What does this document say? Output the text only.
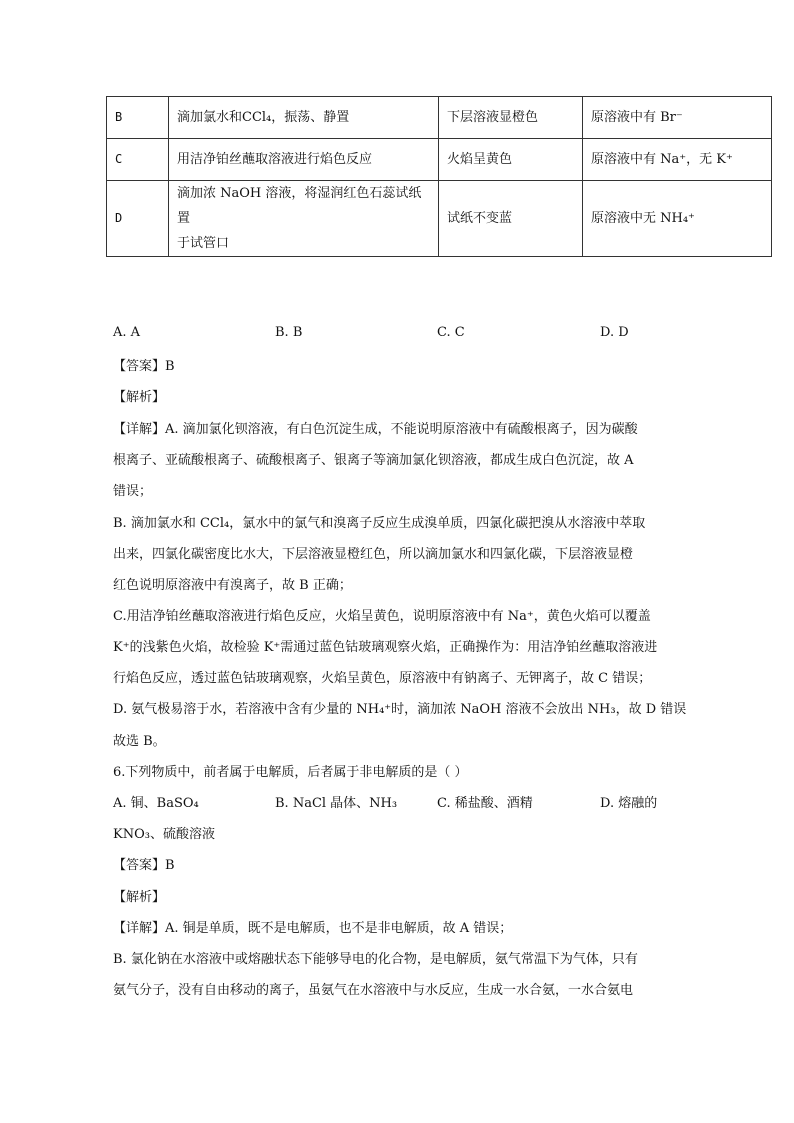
B	滴加氯水和CCl₄，振荡、静置	下层溶液显橙色	原溶液中有 Br⁻
C	用洁净铂丝蘸取溶液进行焰色反应	火焰呈黄色	原溶液中有 Na⁺，无 K⁺
D	滴加浓 NaOH 溶液，将湿润红色石蕊试纸置
于试管口	试纸不变蓝	原溶液中无 NH₄⁺
A. A	B. B	C. C	D. D
【答案】B
【解析】
【详解】A. 滴加氯化钡溶液，有白色沉淀生成，不能说明原溶液中有硫酸根离子，因为碳酸
根离子、亚硫酸根离子、硫酸根离子、银离子等滴加氯化钡溶液，都成生成白色沉淀，故 A
错误；
B. 滴加氯水和 CCl₄，氯水中的氯气和溴离子反应生成溴单质，四氯化碳把溴从水溶液中萃取
出来，四氯化碳密度比水大，下层溶液显橙红色，所以滴加氯水和四氯化碳，下层溶液显橙
红色说明原溶液中有溴离子，故 B 正确；
C.用洁净铂丝蘸取溶液进行焰色反应，火焰呈黄色，说明原溶液中有 Na⁺，黄色火焰可以覆盖
K⁺的浅紫色火焰，故检验 K⁺需通过蓝色钴玻璃观察火焰，正确操作为：用洁净铂丝蘸取溶液进
行焰色反应，透过蓝色钴玻璃观察，火焰呈黄色，原溶液中有钠离子、无钾离子，故 C 错误；
D. 氨气极易溶于水，若溶液中含有少量的 NH₄⁺时，滴加浓 NaOH 溶液不会放出 NH₃，故 D 错误
故选 B。
6.下列物质中，前者属于电解质，后者属于非电解质的是（ ）
A. 铜、BaSO₄	B. NaCl 晶体、NH₃	C. 稀盐酸、酒精	D. 熔融的
KNO₃、硫酸溶液
【答案】B
【解析】
【详解】A. 铜是单质，既不是电解质，也不是非电解质，故 A 错误；
B. 氯化钠在水溶液中或熔融状态下能够导电的化合物，是电解质，氨气常温下为气体，只有
氨气分子，没有自由移动的离子，虽氨气在水溶液中与水反应，生成一水合氨，一水合氨电
